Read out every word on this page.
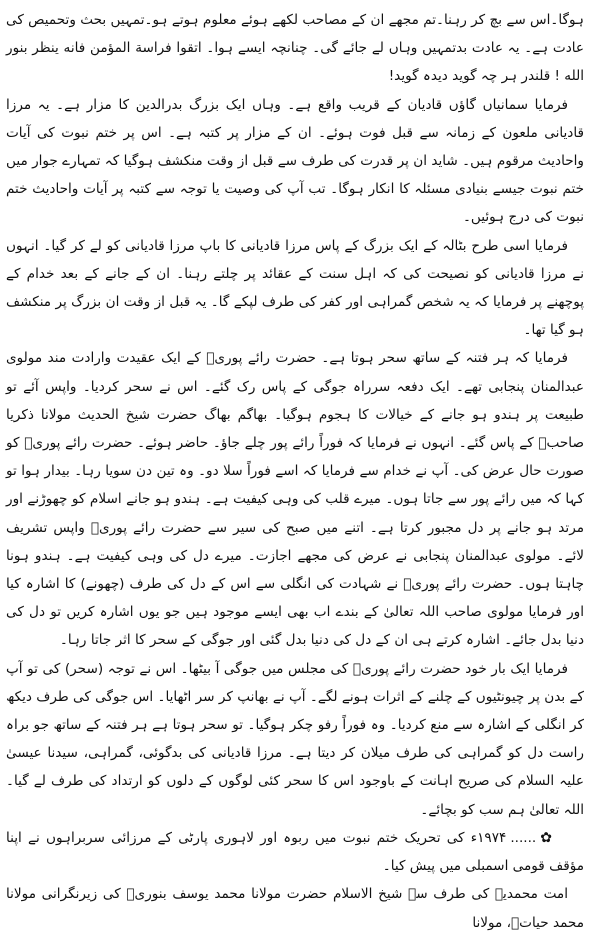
ہوگا۔اس سے بچ کر رہنا۔تم مجھے ان کے مصاحب لکھے ہوئے معلوم ہوتے ہو۔تمہیں بحث وتحمیص کی عادت ہے۔ یہ عادت بدتمہیں وہاں لے جائے گی۔ چنانچہ ایسے ہوا۔ اتقوا فراسة المؤمن فانه ینظر بنور الله ! قلندر ہر چہ گوید دیدہ گوید!

فرمایا سمانیاں گاؤں قادیان کے قریب واقع ہے۔ وہاں ایک بزرگ بدرالدین کا مزار ہے۔ یہ مرزا قادیانی ملعون کے زمانہ سے قبل فوت ہوئے۔ ان کے مزار پر کتبہ ہے۔ اس پر ختم نبوت کی آیات واحادیث مرقوم ہیں۔ شاید ان پر قدرت کی طرف سے قبل از وقت منکشف ہوگیا کہ تمہارے جوار میں ختم نبوت جیسے بنیادی مسئلہ کا انکار ہوگا۔ تب آپ کی وصیت یا توجہ سے کتبہ پر آیات واحادیث ختم نبوت کی درج ہوئیں۔

فرمایا اسی طرح بٹالہ کے ایک بزرگ کے پاس مرزا قادیانی کا باپ مرزا قادیانی کو لے کر گیا۔ انہوں نے مرزا قادیانی کو نصیحت کی کہ اہل سنت کے عقائد پر چلتے رہنا۔ ان کے جانے کے بعد خدام کے پوچھنے پر فرمایا کہ یہ شخص گمراہی اور کفر کی طرف لپکے گا۔ یہ قبل از وقت ان بزرگ پر منکشف ہو گیا تھا۔

فرمایا کہ ہر فتنہ کے ساتھ سحر ہوتا ہے۔ حضرت رائے پوریؒ کے ایک عقیدت وارادت مند مولوی عبدالمنان پنجابی تھے۔ ایک دفعہ سرراہ جوگی کے پاس رک گئے۔ اس نے سحر کردیا۔ واپس آئے تو طبیعت پر ہندو ہو جانے کے خیالات کا ہجوم ہوگیا۔ بھاگم بھاگ حضرت شیخ الحدیث مولانا ذکریا صاحبؒ کے پاس گئے۔ انہوں نے فرمایا کہ فوراً رائے پور چلے جاؤ۔ حاضر ہوئے۔ حضرت رائے پوریؒ کو صورت حال عرض کی۔ آپ نے خدام سے فرمایا کہ اسے فوراً سلا دو۔ وہ تین دن سویا رہا۔ بیدار ہوا تو کہا کہ میں رائے پور سے جاتا ہوں۔ میرے قلب کی وہی کیفیت ہے۔ ہندو ہو جانے اسلام کو چھوڑنے اور مرتد ہو جانے پر دل مجبور کرتا ہے۔ اتنے میں صبح کی سیر سے حضرت رائے پوریؒ واپس تشریف لائے۔ مولوی عبدالمنان پنجابی نے عرض کی مجھے اجازت۔ میرے دل کی وہی کیفیت ہے۔ ہندو ہونا چاہتا ہوں۔ حضرت رائے پوریؒ نے شہادت کی انگلی سے اس کے دل کی طرف (چھونے) کا اشارہ کیا اور فرمایا مولوی صاحب اللہ تعالیٰ کے بندے اب بھی ایسے موجود ہیں جو یوں اشارہ کریں تو دل کی دنیا بدل جائے۔ اشارہ کرتے ہی ان کے دل کی دنیا بدل گئی اور جوگی کے سحر کا اثر جاتا رہا۔

فرمایا ایک بار خود حضرت رائے پوریؒ کی مجلس میں جوگی آ بیٹھا۔ اس نے توجہ (سحر) کی تو آپ کے بدن پر چیونٹیوں کے چلنے کے اثرات ہونے لگے۔ آپ نے بھانپ کر سر اٹھایا۔ اس جوگی کی طرف دیکھ کر انگلی کے اشارہ سے منع کردیا۔ وہ فوراً رفو چکر ہوگیا۔ تو سحر ہوتا ہے ہر فتنہ کے ساتھ جو براہ راست دل کو گمراہی کی طرف میلان کر دیتا ہے۔ مرزا قادیانی کی بدگوئی، گمراہی، سیدنا عیسیٰ علیہ السلام کی صریح اہانت کے باوجود اس کا سحر کئی لوگوں کے دلوں کو ارتداد کی طرف لے گیا۔ اللہ تعالیٰ ہم سب کو بچائے۔

✿......۱۹۷۴ء کی تحریک ختم نبوت میں ربوہ اور لاہوری پارٹی کے مرزائی سربراہوں نے اپنا مؤقف قومی اسمبلی میں پیش کیا۔

امت محمدیہ کی طرف سے شیخ الاسلام حضرت مولانا محمد یوسف بنوریؒ کی زیرنگرانی مولانا محمد حیاتؒ، مولانا
